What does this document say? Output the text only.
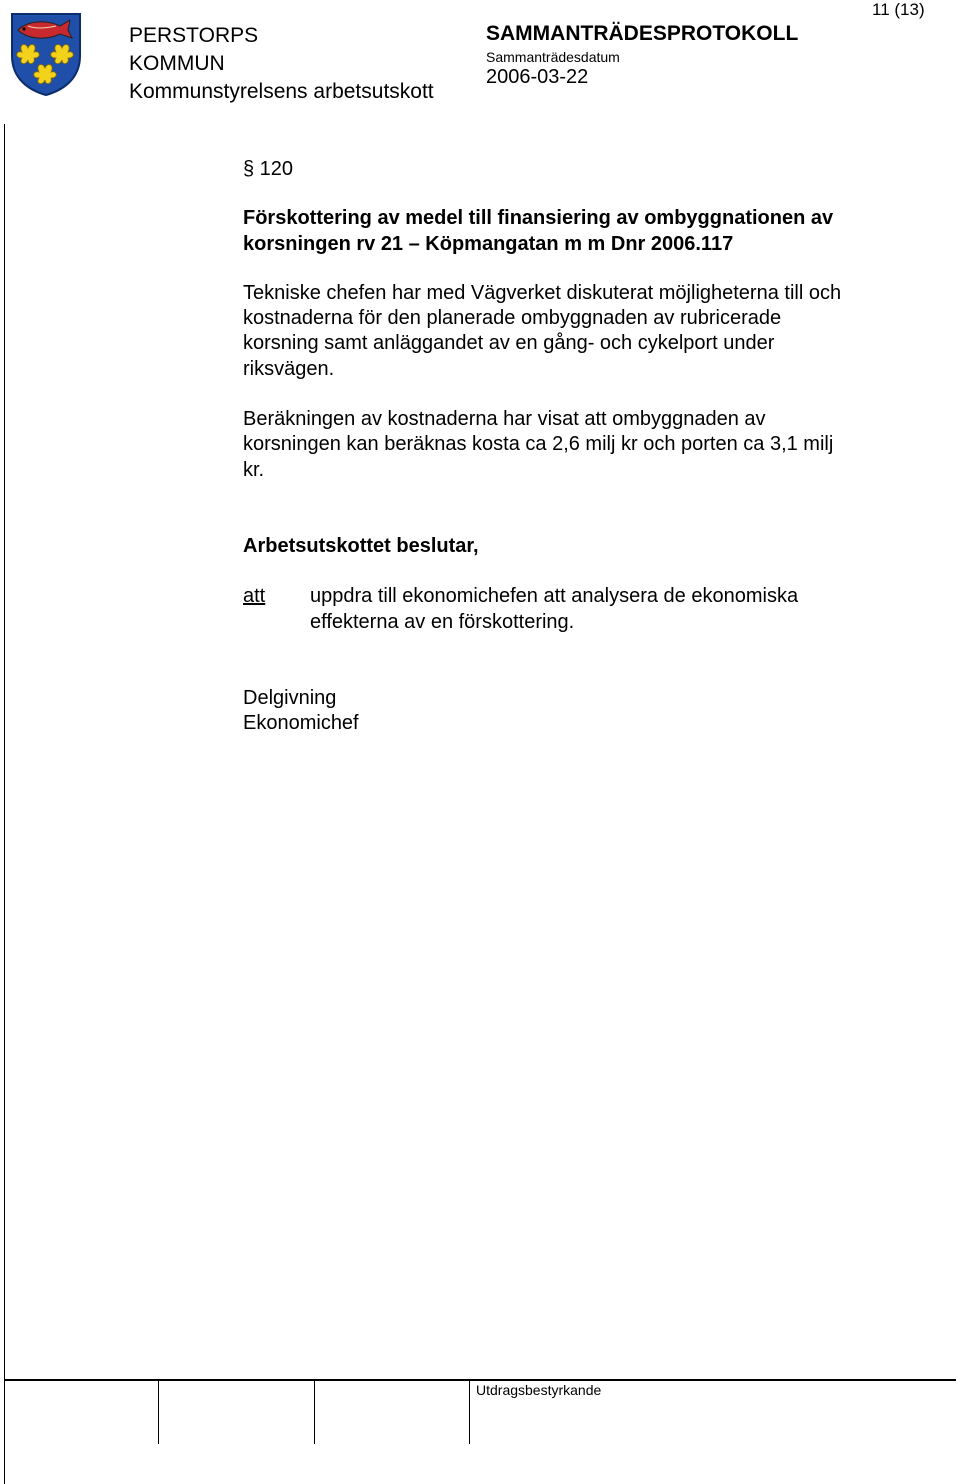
PERSTORPS
KOMMUN
Kommunstyrelsens arbetsutskott
SAMMANTRÄDESPROTOKOLL
Sammanträdesdatum
2006-03-22
11 (13)
§ 120
Förskottering av medel till finansiering av ombyggnationen av korsningen rv 21 – Köpmangatan m m Dnr 2006.117
Tekniske chefen har med Vägverket diskuterat möjligheterna till och kostnaderna för den planerade ombyggnaden av rubricerade korsning samt anläggandet av en gång- och cykelport under riksvägen.
Beräkningen av kostnaderna har visat att ombyggnaden av korsningen kan beräknas kosta ca 2,6 milj kr och porten ca 3,1 milj kr.
Arbetsutskottet beslutar,
att	uppdra till ekonomichefen att analysera de ekonomiska effekterna av en förskottering.
Delgivning
Ekonomichef
Utdragsbestyrkande
